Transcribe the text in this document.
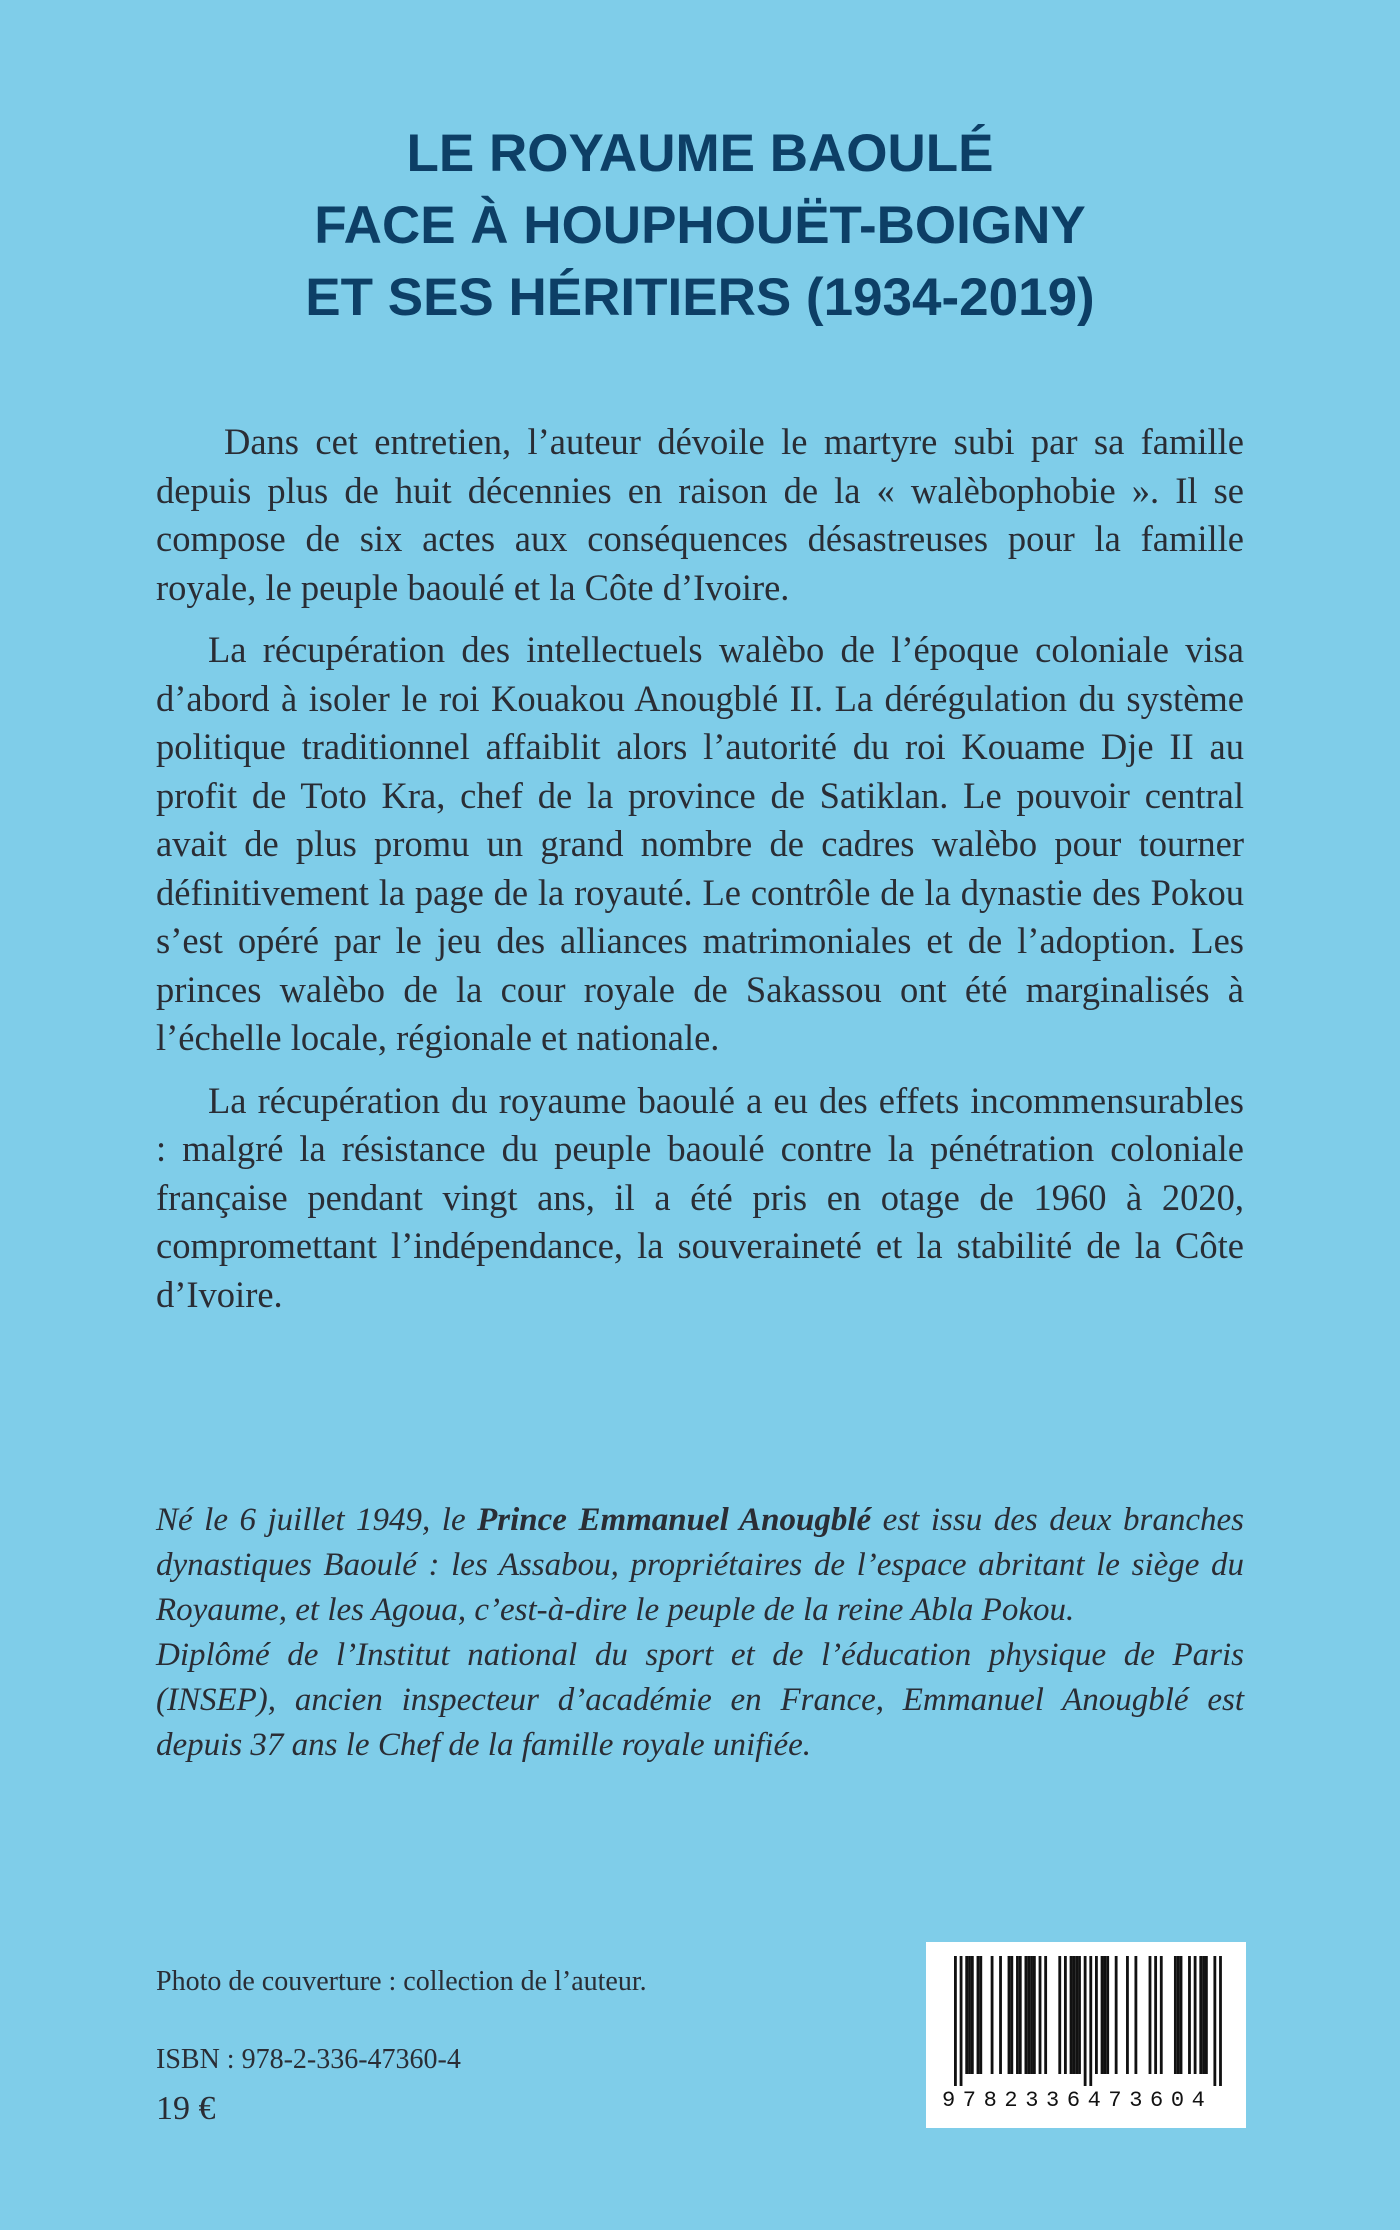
LE ROYAUME BAOULÉ
FACE À HOUPHOUËT-BOIGNY
ET SES HÉRITIERS (1934-2019)

Dans cet entretien, l’auteur dévoile le martyre subi par sa famille depuis plus de huit décennies en raison de la « walèbophobie ». Il se compose de six actes aux conséquences désastreuses pour la famille royale, le peuple baoulé et la Côte d’Ivoire.

La récupération des intellectuels walèbo de l’époque coloniale visa d’abord à isoler le roi Kouakou Anougblé II. La dérégulation du système politique traditionnel affaiblit alors l’autorité du roi Kouame Dje II au profit de Toto Kra, chef de la province de Satiklan. Le pouvoir central avait de plus promu un grand nombre de cadres walèbo pour tourner définitivement la page de la royauté. Le contrôle de la dynastie des Pokou s’est opéré par le jeu des alliances matrimoniales et de l’adoption. Les princes walèbo de la cour royale de Sakassou ont été marginalisés à l’échelle locale, régionale et nationale.

La récupération du royaume baoulé a eu des effets incommensurables : malgré la résistance du peuple baoulé contre la pénétration coloniale française pendant vingt ans, il a été pris en otage de 1960 à 2020, compromettant l’indépendance, la souveraineté et la stabilité de la Côte d’Ivoire.

Né le 6 juillet 1949, le Prince Emmanuel Anougblé est issu des deux branches dynastiques Baoulé : les Assabou, propriétaires de l’espace abritant le siège du Royaume, et les Agoua, c’est-à-dire le peuple de la reine Abla Pokou.

Diplômé de l’Institut national du sport et de l’éducation physique de Paris (INSEP), ancien inspecteur d’académie en France, Emmanuel Anougblé est depuis 37 ans le Chef de la famille royale unifiée.

Photo de couverture : collection de l’auteur.
ISBN : 978-2-336-47360-4
19 €	9782336473604
